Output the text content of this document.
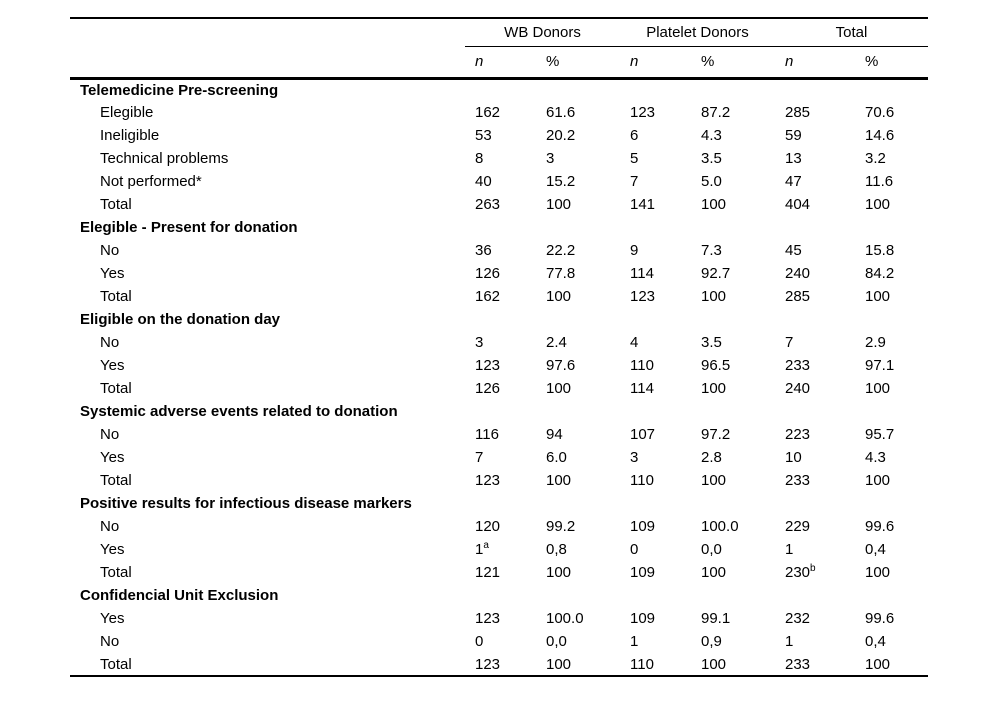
	WB Donors		Platelet Donors		Total	
	n	%	n	%	n	%
Telemedicine Pre-screening						
Elegible	162	61.6	123	87.2	285	70.6
Ineligible	53	20.2	6	4.3	59	14.6
Technical problems	8	3	5	3.5	13	3.2
Not performed*	40	15.2	7	5.0	47	11.6
Total	263	100	141	100	404	100
Elegible - Present for donation						
No	36	22.2	9	7.3	45	15.8
Yes	126	77.8	114	92.7	240	84.2
Total	162	100	123	100	285	100
Eligible on the donation day						
No	3	2.4	4	3.5	7	2.9
Yes	123	97.6	110	96.5	233	97.1
Total	126	100	114	100	240	100
Systemic adverse events related to donation						
No	116	94	107	97.2	223	95.7
Yes	7	6.0	3	2.8	10	4.3
Total	123	100	110	100	233	100
Positive results for infectious disease markers						
No	120	99.2	109	100.0	229	99.6
Yes	1$^a$	0,8	0	0,0	1	0,4
Total	121	100	109	100	230$^b$	100
Confidencial Unit Exclusion						
Yes	123	100.0	109	99.1	232	99.6
No	0	0,0	1	0,9	1	0,4
Total	123	100	110	100	233	100
